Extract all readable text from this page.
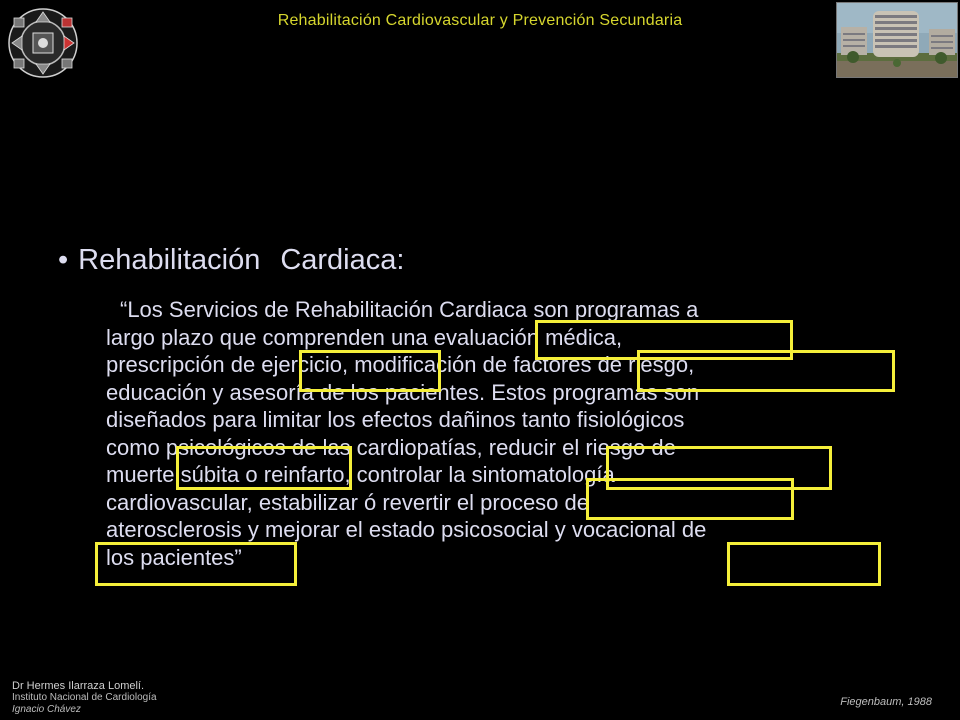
Rehabilitación Cardiovascular y Prevención Secundaria
• Rehabilitación Cardiaca:
“Los Servicios de Rehabilitación Cardiaca son programas a
largo plazo que comprenden una evaluación médica,
prescripción de ejercicio, modificación de factores de riesgo,
educación y asesoría de los pacientes. Estos programas son
diseñados para limitar los efectos dañinos tanto fisiológicos
como psicológicos de las cardiopatías, reducir el riesgo de
muerte súbita o reinfarto, controlar la sintomatología
cardiovascular, estabilizar ó revertir el proceso de
aterosclerosis y mejorar el estado psicosocial y vocacional de
los pacientes”
Dr Hermes Ilarraza Lomelí.
Instituto Nacional de Cardiología
Ignacio Chávez
Fiegenbaum, 1988
